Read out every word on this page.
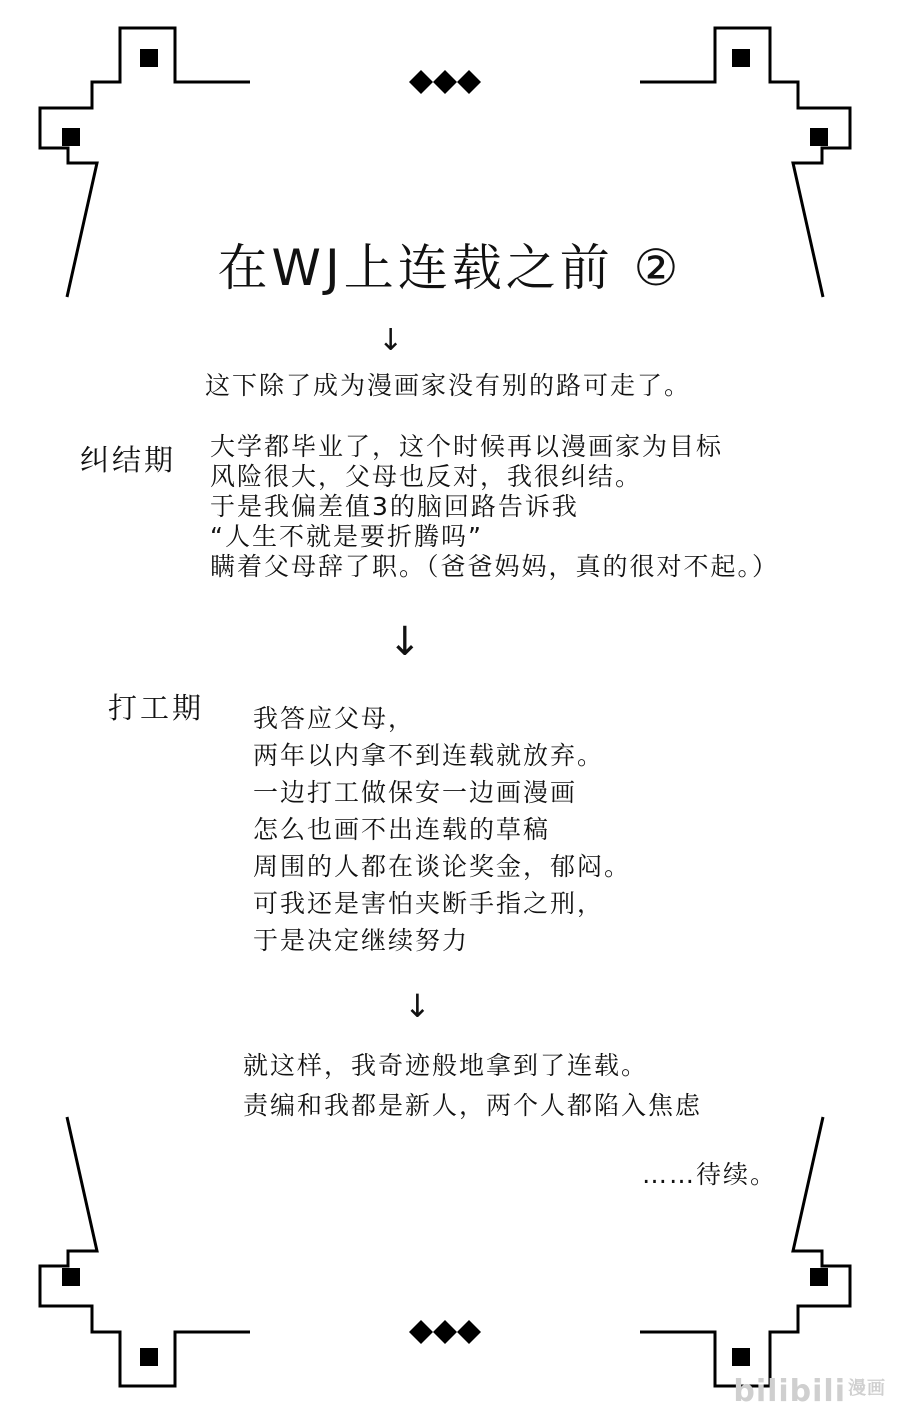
在WJ上连载之前 ②
↓
这下除了成为漫画家没有别的路可走了。
纠结期 大学都毕业了，这个时候再以漫画家为目标
风险很大，父母也反对，我很纠结。
于是我偏差值3的脑回路告诉我
“人生不就是要折腾吗”
瞒着父母辞了职。（爸爸妈妈，真的很对不起。）
↓
打工期 我答应父母，
两年以内拿不到连载就放弃。
一边打工做保安一边画漫画
怎么也画不出连载的草稿
周围的人都在谈论奖金，郁闷。
可我还是害怕夹断手指之刑，
于是决定继续努力
↓
就这样，我奇迹般地拿到了连载。
责编和我都是新人，两个人都陷入焦虑
……待续。
bilibili $^{漫画}$
